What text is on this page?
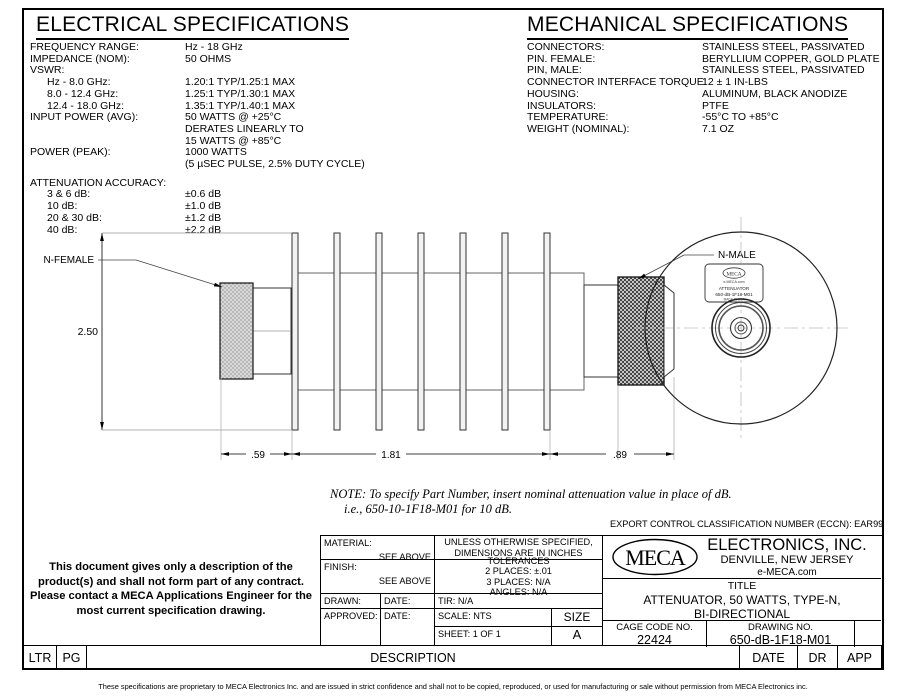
ELECTRICAL SPECIFICATIONS
FREQUENCY RANGE:	Hz - 18 GHz
IMPEDANCE (NOM):	50 OHMS
VSWR:
Hz - 8.0 GHz:	1.20:1 TYP/1.25:1 MAX
8.0 - 12.4 GHz:	1.25:1 TYP/1.30:1 MAX
12.4 - 18.0 GHz:	1.35:1 TYP/1.40:1 MAX
INPUT POWER (AVG):	50 WATTS @ +25°C
DERATES LINEARLY TO
15 WATTS @ +85°C
POWER (PEAK):	1000 WATTS
(5 µSEC PULSE, 2.5% DUTY CYCLE)
ATTENUATION ACCURACY:
3 & 6 dB:	±0.6 dB
10 dB:	±1.0 dB
20 & 30 dB:	±1.2 dB
40 dB:	±2.2 dB
MECHANICAL SPECIFICATIONS
CONNECTORS:	STAINLESS STEEL, PASSIVATED
PIN. FEMALE:	BERYLLIUM COPPER, GOLD PLATE
PIN, MALE:	STAINLESS STEEL, PASSIVATED
CONNECTOR INTERFACE TORQUE:
12 ± 1 IN-LBS
HOUSING:	ALUMINUM, BLACK ANODIZE
INSULATORS:	PTFE
TEMPERATURE:	-55°C TO +85°C
WEIGHT (NOMINAL):	7.1 OZ
2.50
.59	1.81	.89
N-FEMALE	N-MALE
MECA
e-MECA.com
ATTENUATOR
650-dB-1F18-M01
MADE IN USA
NOTE: To specify Part Number, insert nominal attenuation value in place of dB.
i.e., 650-10-1F18-M01 for 10 dB.
EXPORT CONTROL CLASSIFICATION NUMBER (ECCN): EAR99
This document gives only a description of the product(s) and shall not form part of any contract. Please contact a MECA Applications Engineer for the most current specification drawing.
MATERIAL:
SEE ABOVE
UNLESS OTHERWISE SPECIFIED, DIMENSIONS ARE IN INCHES
FINISH:
SEE ABOVE
TOLERANCES
2 PLACES: ±.01
3 PLACES: N/A
ANGLES: N/A
DRAWN:	DATE:	TIR: N/A
APPROVED: DATE:	SCALE: NTS	SIZE
SHEET: 1 OF 1	A
MECA	ELECTRONICS, INC.
DENVILLE, NEW JERSEY
e-MECA.com
TITLE
ATTENUATOR, 50 WATTS, TYPE-N,
BI-DIRECTIONAL
CAGE CODE NO.
22424
DRAWING NO.
650-dB-1F18-M01
LTR PG	DESCRIPTION	DATE	DR	APP
These specifications are proprietary to MECA Electronics Inc. and are issued in strict confidence and shall not to be copied, reproduced, or used for manufacturing or sale without permission from MECA Electronics inc.
